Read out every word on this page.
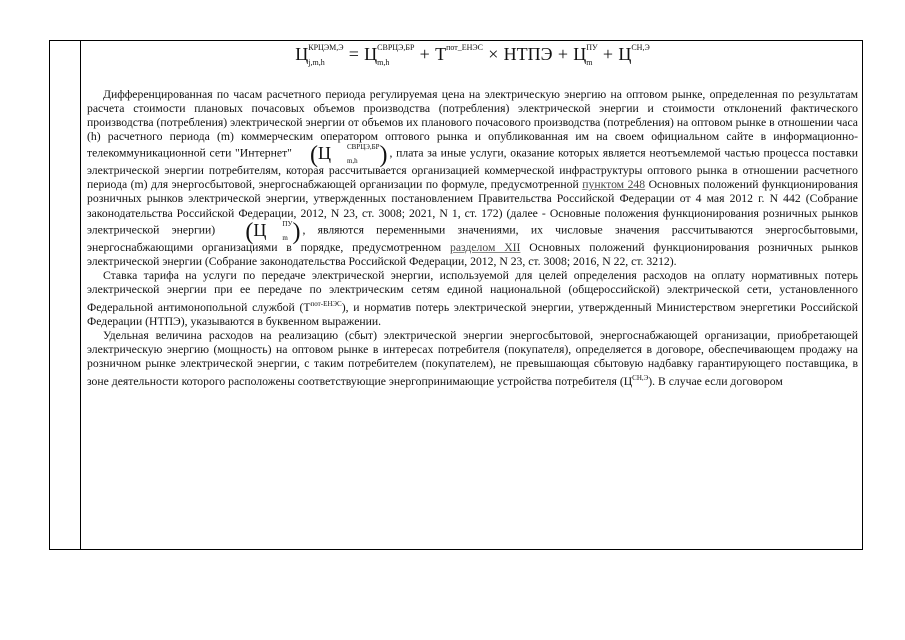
Ц КРЦЭМ,Э
j,m,h	= Ц СВРЦЭ,БР
m,h	+ Т пот_ЕНЭС
× НТПЭ + Ц ПУ
m + Ц СН,Э

Дифференцированная по часам расчетного периода регулируемая цена на электрическую энергию на оптовом рынке, определенная по результатам расчета стоимости плановых почасовых объемов производства (потребления) электрической энергии и стоимости отклонений фактического производства (потребления) электрической энергии от объемов их планового почасового производства (потребления) на оптовом рынке в отношении часа (h) расчетного периода (m) коммерческим оператором оптового рынка и опубликованная им на своем официальном сайте в информационно-телекоммуникационной сети "Интернет" (Ц	СВРЦЭ,БР
m,h ) , плата за иные услуги, оказание которых является неотъемлемой частью процесса поставки электрической энергии потребителям, которая рассчитывается организацией коммерческой инфраструктуры оптового рынка в отношении расчетного периода (m) для энергосбытовой, энергоснабжающей организации по формуле, предусмотренной пунктом 248 Основных положений функционирования розничных рынков электрической энергии, утвержденных постановлением Правительства Российской Федерации от 4 мая 2012 г. N 442 (Собрание законодательства Российской Федерации, 2012, N 23, ст. 3008; 2021, N 1, ст. 172) (далее - Основные положения функционирования розничных рынков электрической энергии) (Ц	ПУ
m ) , являются переменными значениями, их числовые значения рассчитываются энергосбытовыми, энергоснабжающими организациями в порядке, предусмотренном разделом XII Основных положений функционирования розничных рынков электрической энергии (Собрание законодательства Российской Федерации, 2012, N 23, ст. 3008; 2016, N 22, ст. 3212).

Ставка тарифа на услуги по передаче электрической энергии, используемой для целей определения расходов на оплату нормативных потерь электрической энергии при ее передаче по электрическим сетям единой национальной (общероссийской) электрической сети, установленного Федеральной антимонопольной службой $(Т^{пот-ЕНЭС})$, и норматив потерь электрической энергии, утвержденный Министерством энергетики Российской Федерации (НТПЭ), указываются в буквенном выражении.

Удельная величина расходов на реализацию (сбыт) электрической энергии энергосбытовой, энергоснабжающей организации, приобретающей электрическую энергию (мощность) на оптовом рынке в интересах потребителя (покупателя), определяется в договоре, обеспечивающем продажу на розничном рынке электрической энергии, с таким потребителем (покупателем), не превышающая сбытовую надбавку гарантирующего поставщика, в зоне деятельности которого расположены соответствующие энергопринимающие устройства потребителя $(Ц^{СН,Э})$. В случае если договором
